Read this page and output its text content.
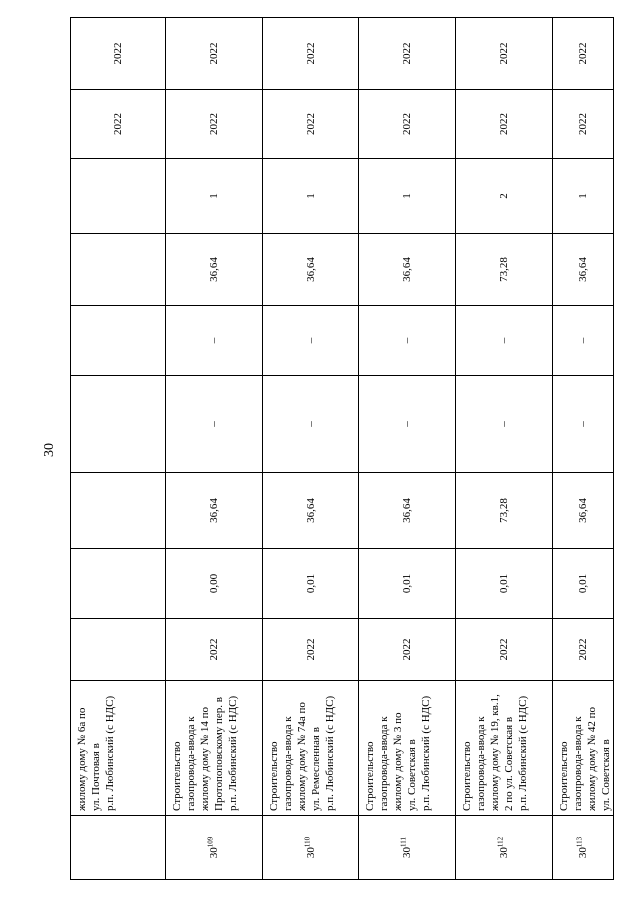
30

	жилому дому № 6а по ул. Почтовая в р.п. Любинский (с НДС)								2022	2022
$30^{109}$	Строительство газопровода-ввода к жилому дому № 14 по Протопоповскому пер. в р.п. Любинский (с НДС)	2022	0,00	36,64	–	–	36,64	1	2022	2022
$30^{110}$	Строительство газопровода-ввода к жилому дому № 74а по ул. Ремесленная в р.п. Любинский (с НДС)	2022	0,01	36,64	–	–	36,64	1	2022	2022
$30^{111}$	Строительство газопровода-ввода к жилому дому № 3 по ул. Советская в р.п. Любинский (с НДС)	2022	0,01	36,64	–	–	36,64	1	2022	2022
$30^{112}$	Строительство газопровода-ввода к жилому дому № 19, кв.1, 2 по ул. Советская в р.п. Любинский (с НДС)	2022	0,01	73,28	–	–	73,28	2	2022	2022
$30^{113}$	Строительство газопровода-ввода к жилому дому № 42 по ул. Советская в	2022	0,01	36,64	–	–	36,64	1	2022	2022
